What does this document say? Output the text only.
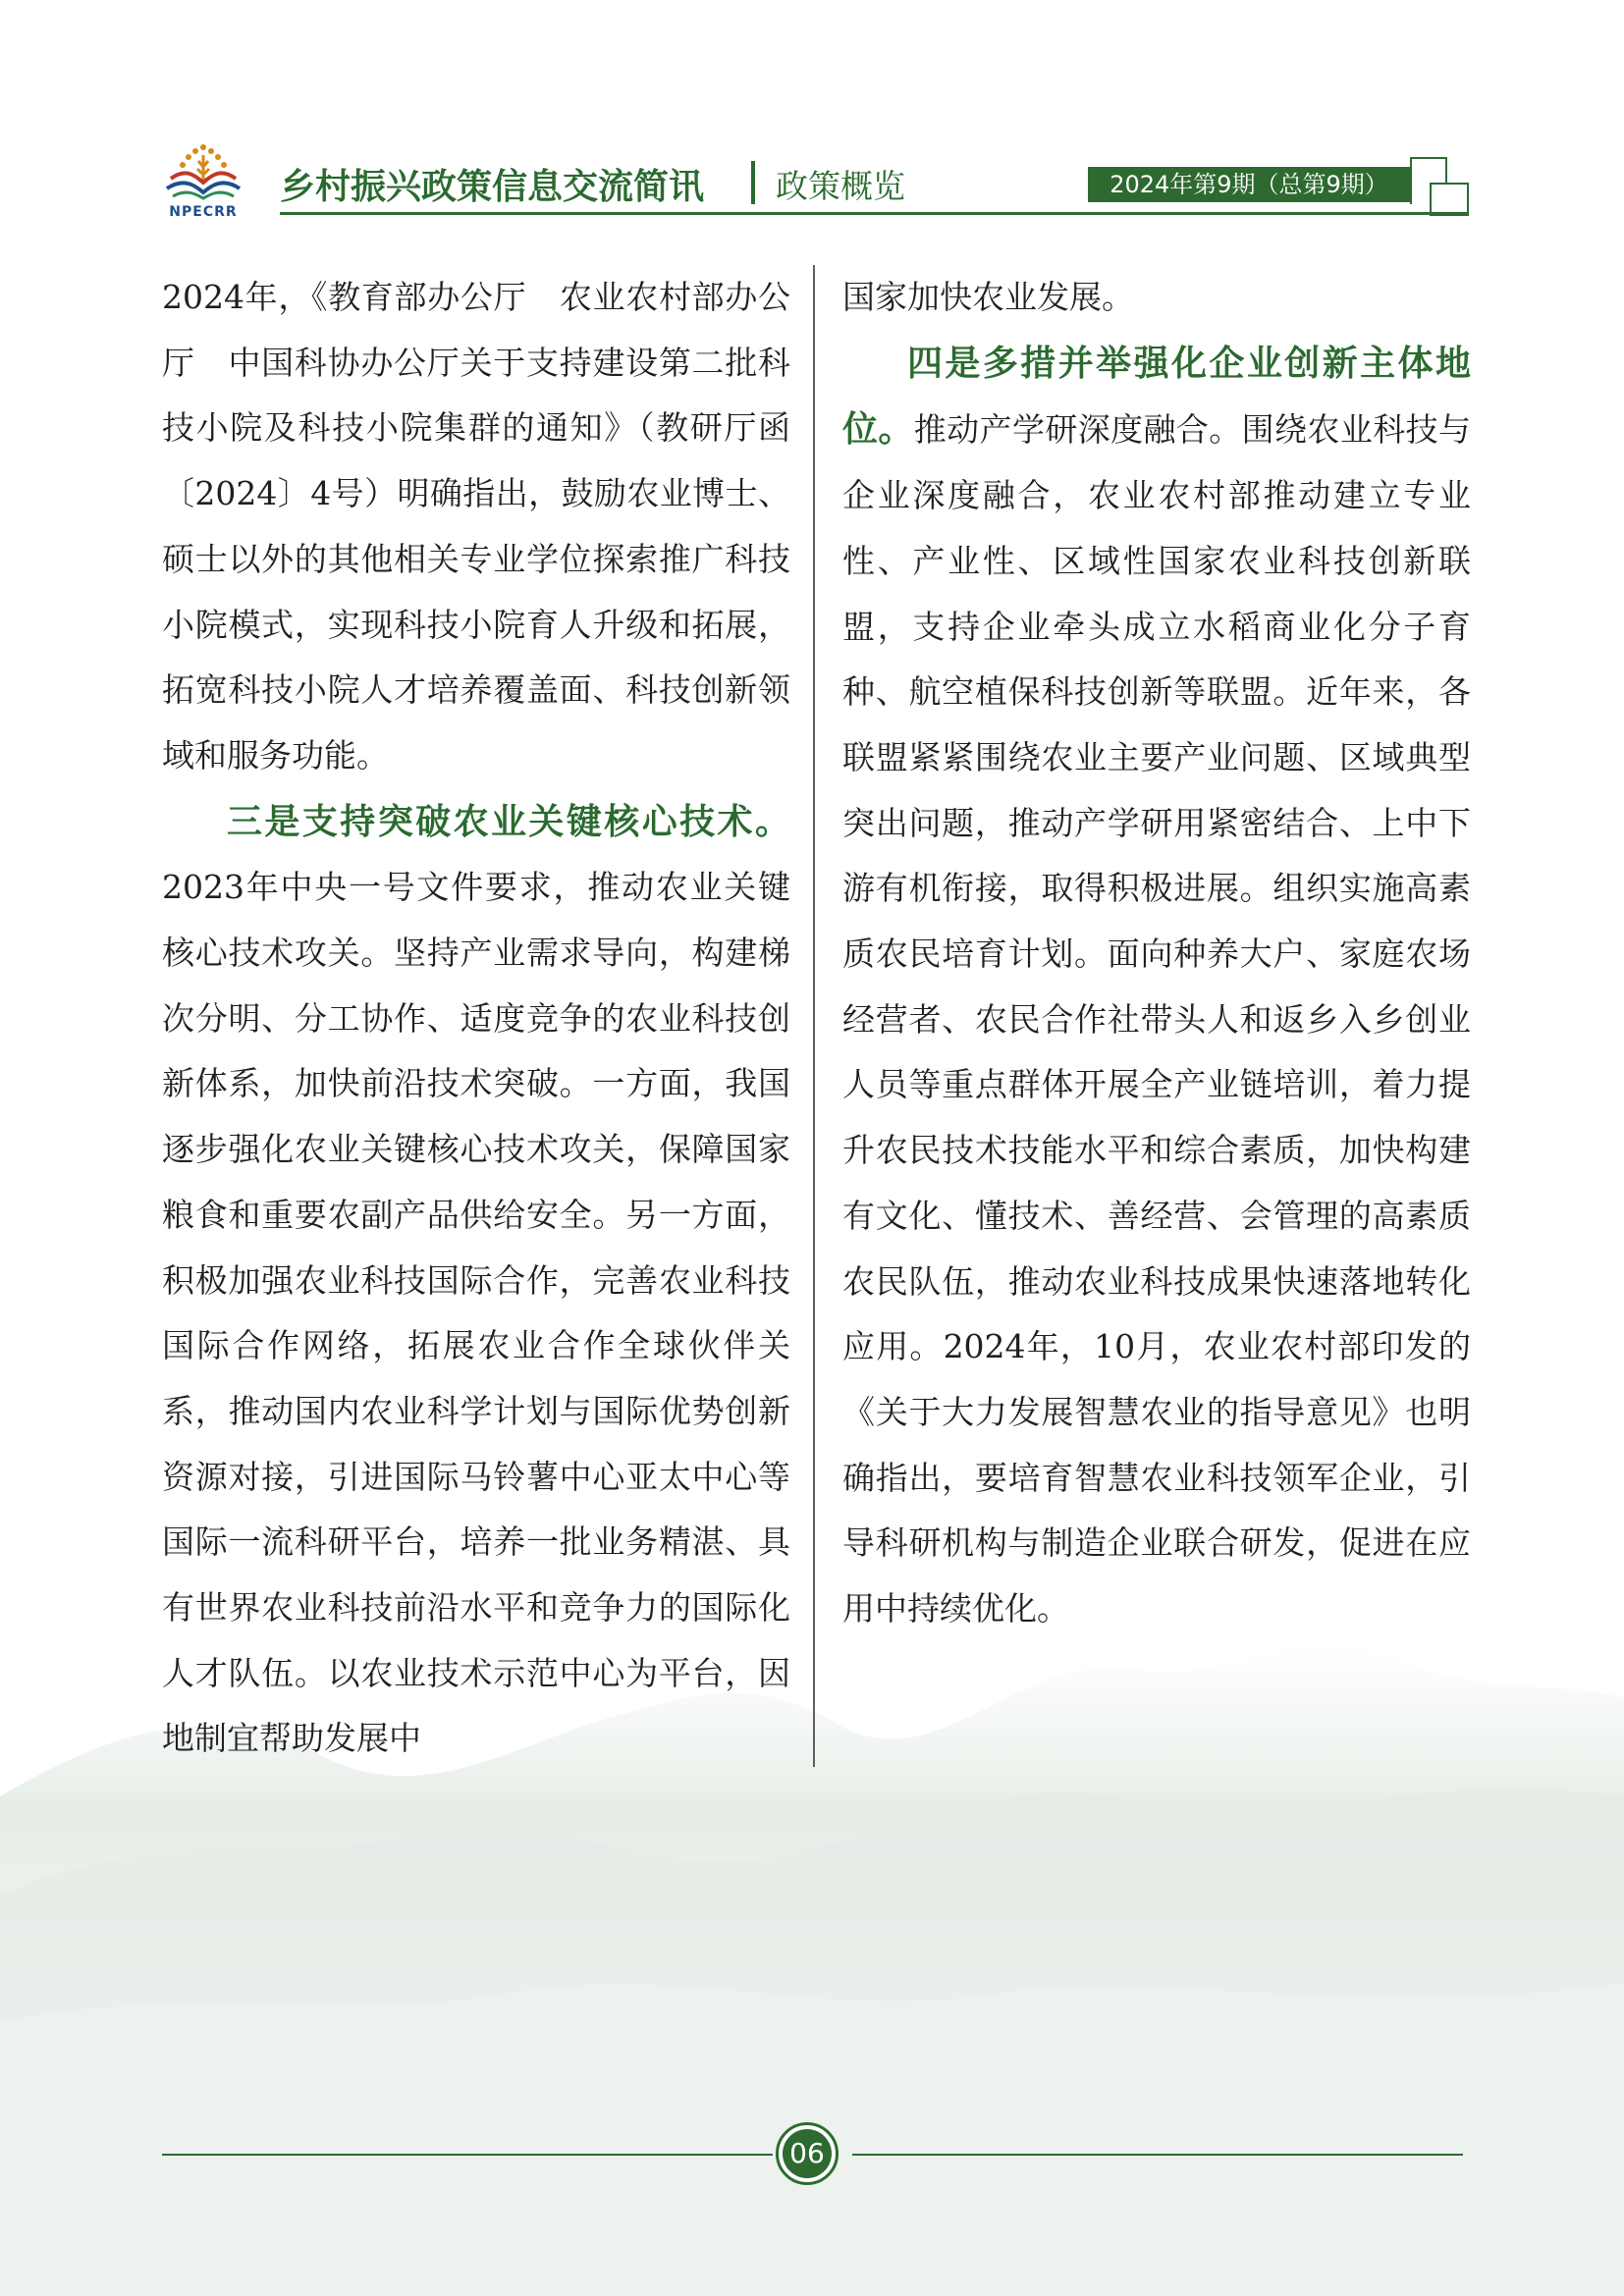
NPECRR
乡村振兴政策信息交流简讯 政策概览	2024年第9期（总第9期）

2024年，《教育部办公厅　农业农村部办公厅　中国科协办公厅关于支持建设第二批科技小院及科技小院集群的通知》（教研厅函〔2024〕4号）明确指出，鼓励农业博士、硕士以外的其他相关专业学位探索推广科技小院模式，实现科技小院育人升级和拓展，拓宽科技小院人才培养覆盖面、科技创新领域和服务功能。

三是支持突破农业关键核心技术。2023年中央一号文件要求，推动农业关键核心技术攻关。坚持产业需求导向，构建梯次分明、分工协作、适度竞争的农业科技创新体系，加快前沿技术突破。一方面，我国逐步强化农业关键核心技术攻关，保障国家粮食和重要农副产品供给安全。另一方面，积极加强农业科技国际合作，完善农业科技国际合作网络，拓展农业合作全球伙伴关系，推动国内农业科学计划与国际优势创新资源对接，引进国际马铃薯中心亚太中心等国际一流科研平台，培养一批业务精湛、具有世界农业科技前沿水平和竞争力的国际化人才队伍。以农业技术示范中心为平台，因地制宜帮助发展中

国家加快农业发展。

四是多措并举强化企业创新主体地位。推动产学研深度融合。围绕农业科技与企业深度融合，农业农村部推动建立专业性、产业性、区域性国家农业科技创新联盟，支持企业牵头成立水稻商业化分子育种、航空植保科技创新等联盟。近年来，各联盟紧紧围绕农业主要产业问题、区域典型突出问题，推动产学研用紧密结合、上中下游有机衔接，取得积极进展。组织实施高素质农民培育计划。面向种养大户、家庭农场经营者、农民合作社带头人和返乡入乡创业人员等重点群体开展全产业链培训，着力提升农民技术技能水平和综合素质，加快构建有文化、懂技术、善经营、会管理的高素质农民队伍，推动农业科技成果快速落地转化应用。2024年，10月，农业农村部印发的《关于大力发展智慧农业的指导意见》也明确指出，要培育智慧农业科技领军企业，引导科研机构与制造企业联合研发，促进在应用中持续优化。

06
